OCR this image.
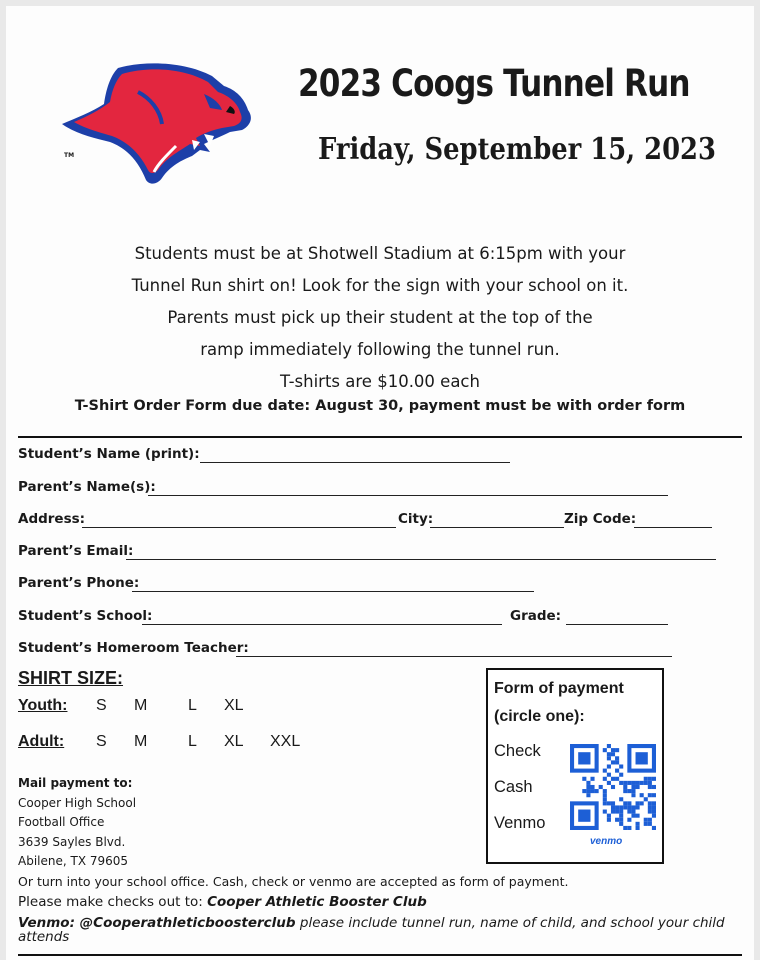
TM
2023 Coogs Tunnel Run
Friday, September 15, 2023
Students must be at Shotwell Stadium at 6:15pm with your
Tunnel Run shirt on! Look for the sign with your school on it.
Parents must pick up their student at the top of the
ramp immediately following the tunnel run.
T-shirts are $10.00 each
T-Shirt Order Form due date: August 30, payment must be with order form
Student’s Name (print):
Parent’s Name(s):
Address:	City:	Zip Code:
Parent’s Email:
Parent’s Phone:
Student’s School:	Grade:
Student’s Homeroom Teacher:
SHIRT SIZE:
Youth: S M	L XL
Adult: S M	L XL XXL
Mail payment to:
Cooper High School
Football Office
3639 Sayles Blvd.
Abilene, TX 79605
Form of payment
(circle one):
Check
Cash
Venmo
venmo
Or turn into your school office. Cash, check or venmo are accepted as form of payment.
Please make checks out to: Cooper Athletic Booster Club
Venmo: @Cooperathleticboosterclub please include tunnel run, name of child, and school your child attends
